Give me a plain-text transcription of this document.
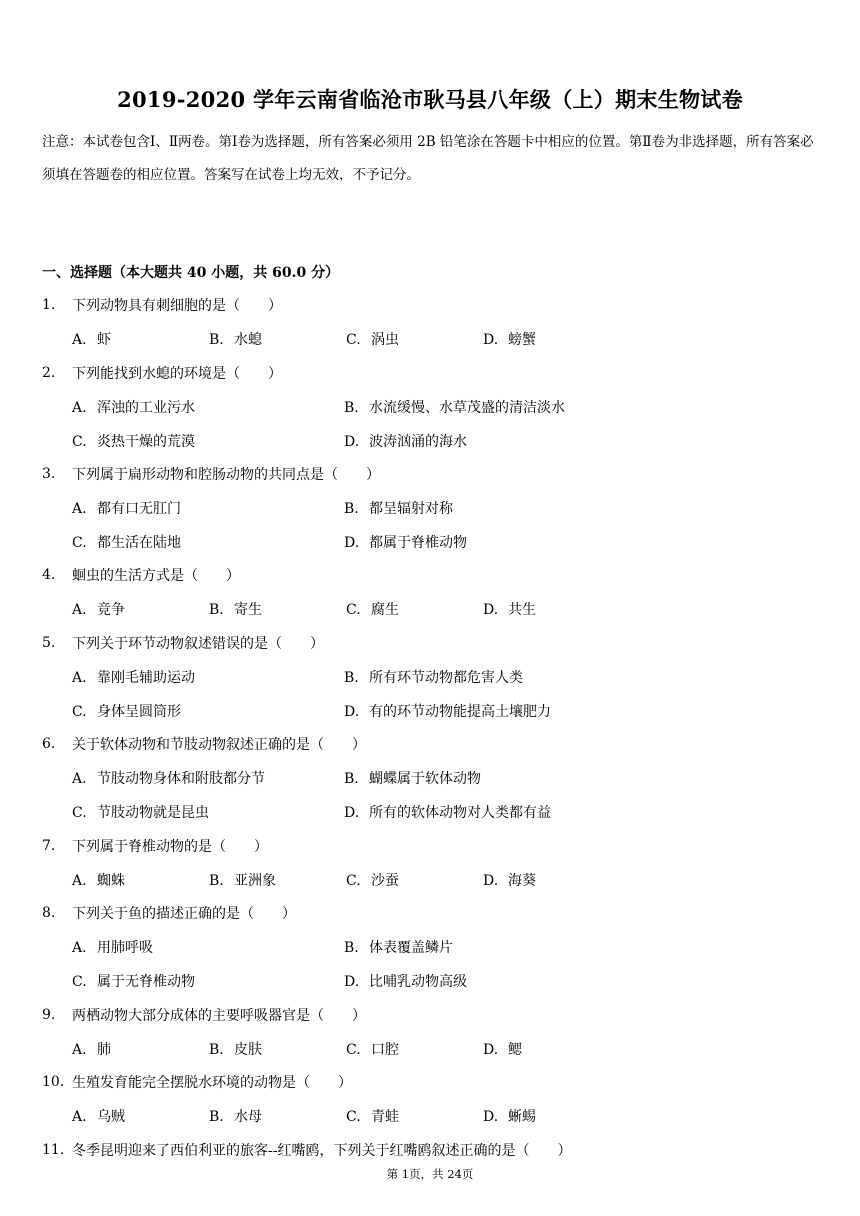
2019-2020 学年云南省临沧市耿马县八年级（上）期末生物试卷
注意：本试卷包含Ⅰ、Ⅱ两卷。第Ⅰ卷为选择题，所有答案必须用 2B 铅笔涂在答题卡中相应的位置。第Ⅱ卷为非选择题，所有答案必须填在答题卷的相应位置。答案写在试卷上均无效，不予记分。
一、选择题（本大题共 40 小题，共 60.0 分）
1.	下列动物具有刺细胞的是（　　）
A. 虾	B. 水螅	C. 涡虫	D. 螃蟹
2.	下列能找到水螅的环境是（　　）
A. 浑浊的工业污水	B. 水流缓慢、水草茂盛的清洁淡水
C. 炎热干燥的荒漠	D. 波涛汹涌的海水
3.	下列属于扁形动物和腔肠动物的共同点是（　　）
A. 都有口无肛门	B. 都呈辐射对称
C. 都生活在陆地	D. 都属于脊椎动物
4.	蛔虫的生活方式是（　　）
A. 竞争	B. 寄生	C. 腐生	D. 共生
5.	下列关于环节动物叙述错误的是（　　）
A. 靠刚毛辅助运动	B. 所有环节动物都危害人类
C. 身体呈圆筒形	D. 有的环节动物能提高土壤肥力
6.	关于软体动物和节肢动物叙述正确的是（　　）
A. 节肢动物身体和附肢都分节	B. 蝴蝶属于软体动物
C. 节肢动物就是昆虫	D. 所有的软体动物对人类都有益
7.	下列属于脊椎动物的是（　　）
A. 蜘蛛	B. 亚洲象	C. 沙蚕	D. 海葵
8.	下列关于鱼的描述正确的是（　　）
A. 用肺呼吸	B. 体表覆盖鳞片
C. 属于无脊椎动物	D. 比哺乳动物高级
9.	两栖动物大部分成体的主要呼吸器官是（　　）
A. 肺	B. 皮肤	C. 口腔	D. 鳃
10. 生殖发育能完全摆脱水环境的动物是（　　）
A. 乌贼	B. 水母	C. 青蛙	D. 蜥蜴
11. 冬季昆明迎来了西伯利亚的旅客--红嘴鸥，下列关于红嘴鸥叙述正确的是（　　）
第 1页，共 24页
